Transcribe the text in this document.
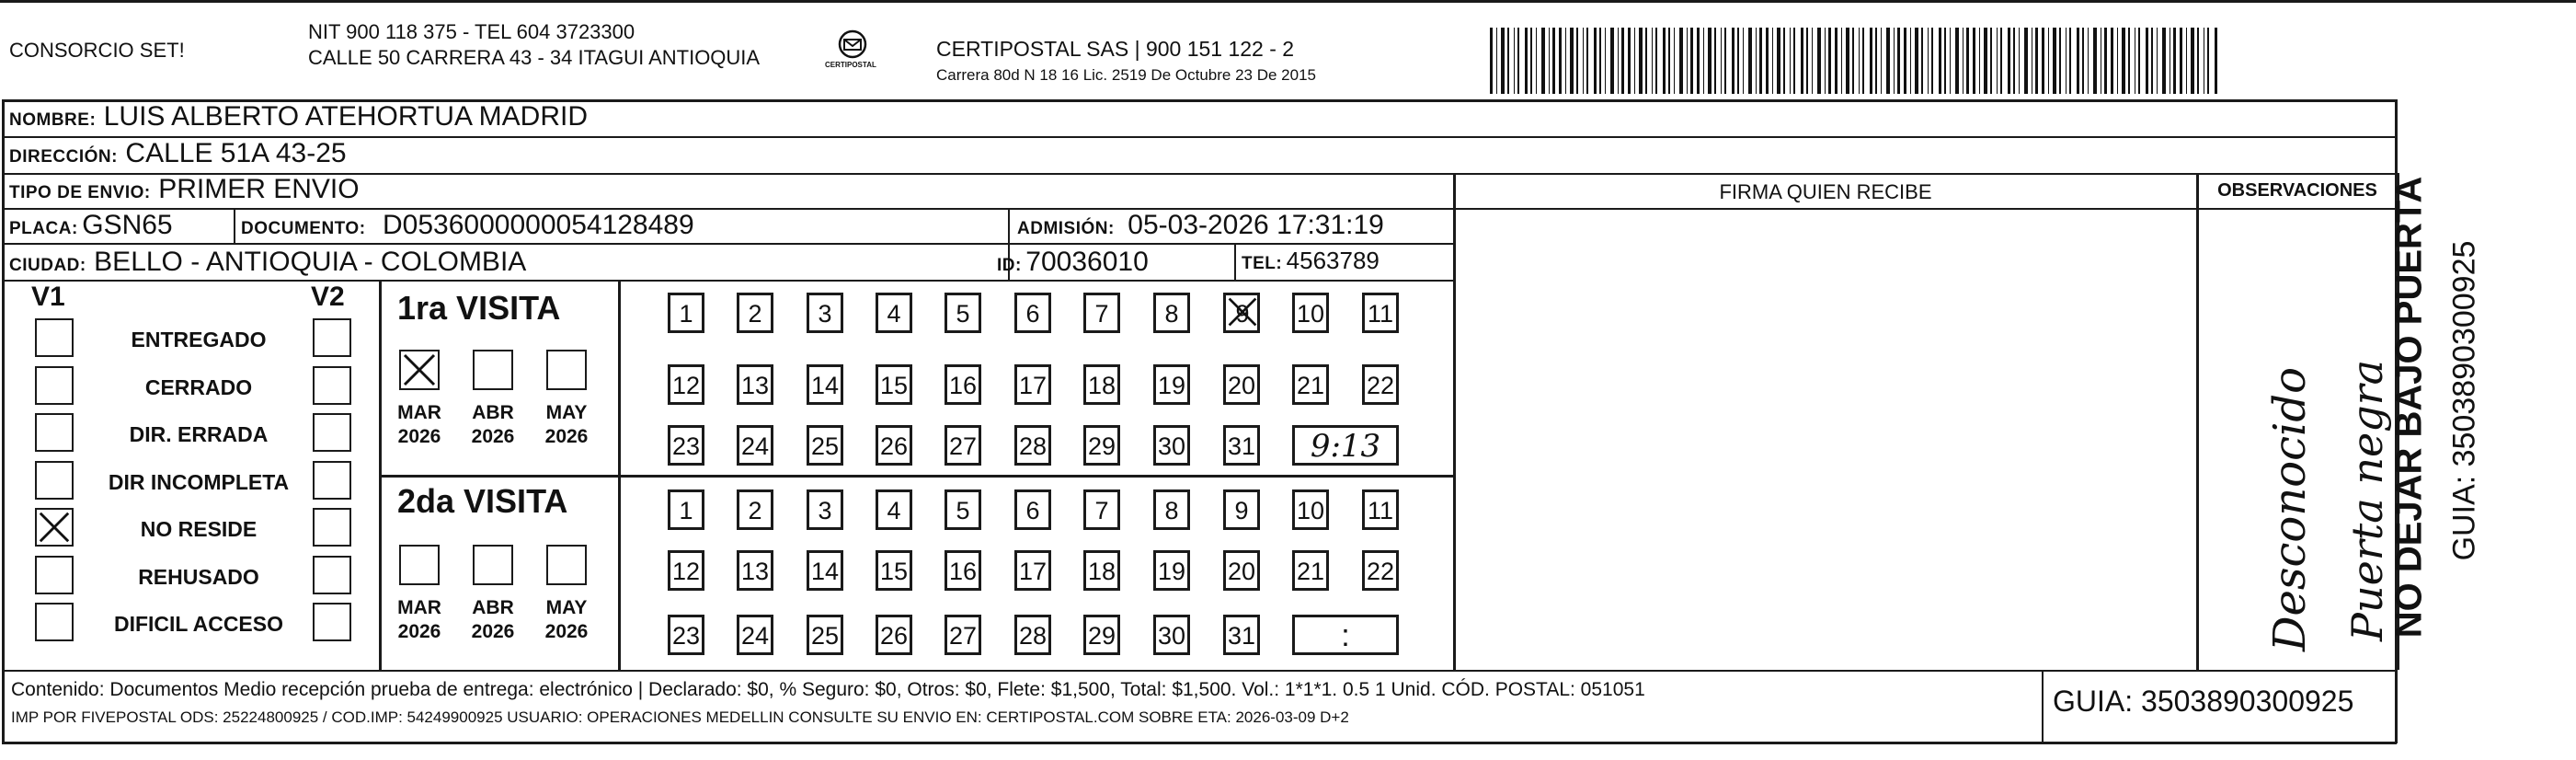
CONSORCIO SET!
NIT 900 118 375 - TEL 604 3723300
CALLE 50 CARRERA 43 - 34 ITAGUI ANTIOQUIA	CERTIPOSTAL
CERTIPOSTAL SAS | 900 151 122 - 2
Carrera 80d N 18 16 Lic. 2519 De Octubre 23 De 2015
NOMBRE: LUIS ALBERTO ATEHORTUA MADRID
DIRECCIÓN: CALLE 51A 43-25
TIPO DE ENVIO: PRIMER ENVIO
PLACA: GSN65	DOCUMENTO: D0536000000054128489	ADMISIÓN: 05-03-2026 17:31:19
CIUDAD: BELLO - ANTIOQUIA - COLOMBIA	ID: 70036010	TEL: 4563789
FIRMA QUIEN RECIBE	OBSERVACIONES
Desconocido Puerta negra
V1	V2 1ra VISITA
2da VISITA
Contenido: Documentos Medio recepción prueba de entrega: electrónico | Declarado: $0, % Seguro: $0, Otros: $0, Flete: $1,500, Total: $1,500. Vol.: 1*1*1. 0.5 1 Unid. CÓD. POSTAL: 051051
IMP POR FIVEPOSTAL ODS: 25224800925 / COD.IMP: 54249900925 USUARIO: OPERACIONES MEDELLIN CONSULTE SU ENVIO EN: CERTIPOSTAL.COM SOBRE ETA: 2026-03-09 D+2	GUIA: 3503890300925
NO DEJAR BAJO PUERTA GUIA: 3503890300925
ENTREGADO
CERRADO
DIR. ERRADA
DIR INCOMPLETA
NO RESIDE
REHUSADO
DIFICIL ACCESO
MAR
2026
ABR
2026
MAY
2026
MAR
2026
ABR
2026
MAY
2026
1	2	3	4	5	6	7	8	9	10 11
12 13 14 15 16 17 18 19 20 21 22
23 24 25 26 27 28 29 30 31	9:13
1	2	3	4	5	6	7	8	9	10 11
12 13 14 15 16 17 18 19 20 21 22
23 24 25 26 27 28 29 30 31	:
